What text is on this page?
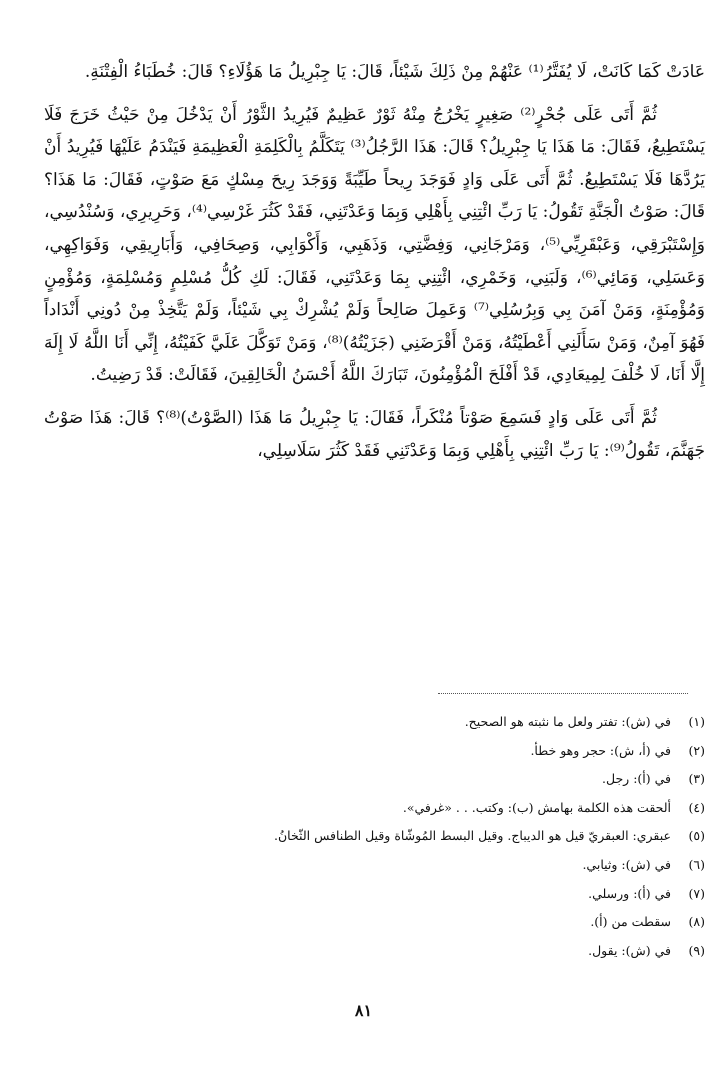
عَادَتْ كَمَا كَانَتْ، لَا يُفَتَّرُ⁽¹⁾ عَنْهُمْ مِنْ ذَلِكَ شَيْئاً، قَالَ: يَا جِبْرِيلُ مَا هَؤُلَاءِ؟ قَالَ: خُطَبَاءُ الْفِتْنَةِ.

ثُمَّ أَتَى عَلَى جُحْرٍ⁽²⁾ صَغِيرٍ يَخْرُجُ مِنْهُ ثَوْرٌ عَظِيمٌ فَيُرِيدُ الثَّوْرُ أَنْ يَدْخُلَ مِنْ حَيْثُ خَرَجَ فَلَا يَسْتَطِيعُ، فَقَالَ: مَا هَذَا يَا جِبْرِيلُ؟ قَالَ: هَذَا الرَّجُلُ⁽³⁾ يَتَكَلَّمُ بِالْكَلِمَةِ الْعَظِيمَةِ فَيَنْدَمُ عَلَيْهَا فَيُرِيدُ أَنْ يَرُدَّهَا فَلَا يَسْتَطِيعُ. ثُمَّ أَتَى عَلَى وَادٍ فَوَجَدَ رِيحاً طَيِّبَةً وَوَجَدَ رِيحَ مِسْكٍ مَعَ صَوْتٍ، فَقَالَ: مَا هَذَا؟ قَالَ: صَوْتُ الْجَنَّةِ تَقُولُ: يَا رَبِّ ائْتِنِي بِأَهْلِي وَبِمَا وَعَدْتَنِي، فَقَدْ كَثُرَ غَرْسِي⁽⁴⁾، وَحَرِيرِي، وَسُنْدُسِي، وَإِسْتَبْرَقِي، وَعَبْقَرِيِّي⁽⁵⁾، وَمَرْجَانِي، وَفِضَّتِي، وَذَهَبِي، وَأَكْوَابِي، وَصِحَافِي، وَأَبَارِيقِي، وَفَوَاكِهِي، وَعَسَلِي، وَمَائِي⁽⁶⁾، وَلَبَنِي، وَخَمْرِي، ائْتِنِي بِمَا وَعَدْتَنِي، فَقَالَ: لَكِ كُلُّ مُسْلِمٍ وَمُسْلِمَةٍ، وَمُؤْمِنٍ وَمُؤْمِنَةٍ، وَمَنْ آمَنَ بِي وَبِرُسُلِي⁽⁷⁾ وَعَمِلَ صَالِحاً وَلَمْ يُشْرِكْ بِي شَيْئاً، وَلَمْ يَتَّخِذْ مِنْ دُونِي أَنْدَاداً فَهُوَ آمِنٌ، وَمَنْ سَأَلَنِي أَعْطَيْتُهُ، وَمَنْ أَقْرَضَنِي (جَزَيْتُهُ)⁽⁸⁾، وَمَنْ تَوَكَّلَ عَلَيَّ كَفَيْتُهُ، إِنِّي أَنَا اللَّهُ لَا إِلَهَ إِلَّا أَنَا، لَا خُلْفَ لِمِيعَادِي، قَدْ أَفْلَحَ الْمُؤْمِنُونَ، تَبَارَكَ اللَّهُ أَحْسَنُ الْخَالِقِينَ، فَقَالَتْ: قَدْ رَضِيتُ.

ثُمَّ أَتَى عَلَى وَادٍ فَسَمِعَ صَوْتاً مُنْكَراً، فَقَالَ: يَا جِبْرِيلُ مَا هَذَا (الصَّوْتُ)⁽⁸⁾؟ قَالَ: هَذَا صَوْتُ جَهَنَّمَ، تَقُولُ⁽⁹⁾: يَا رَبِّ ائْتِنِي بِأَهْلِي وَبِمَا وَعَدْتَنِي فَقَدْ كَثُرَ سَلَاسِلِي،

(١)
في (ش): تفتر ولعل ما نثبته هو الصحيح.
(٢)
في (أ، ش): حجر وهو خطأ.
(٣)
في (أ): رجل.
(٤)
ألحقت هذه الكلمة بهامش (ب): وكتب. . . «غرفي».
(٥)
عبقري: العبقريّ قيل هو الديباج. وقيل البسط المُوشّاة وقيل الطنافس الثّخانُ.
(٦)
في (ش): وثيابي.
(٧)
في (أ): ورسلي.
(٨)
سقطت من (أ).
(٩)
في (ش): يقول.
٨١
